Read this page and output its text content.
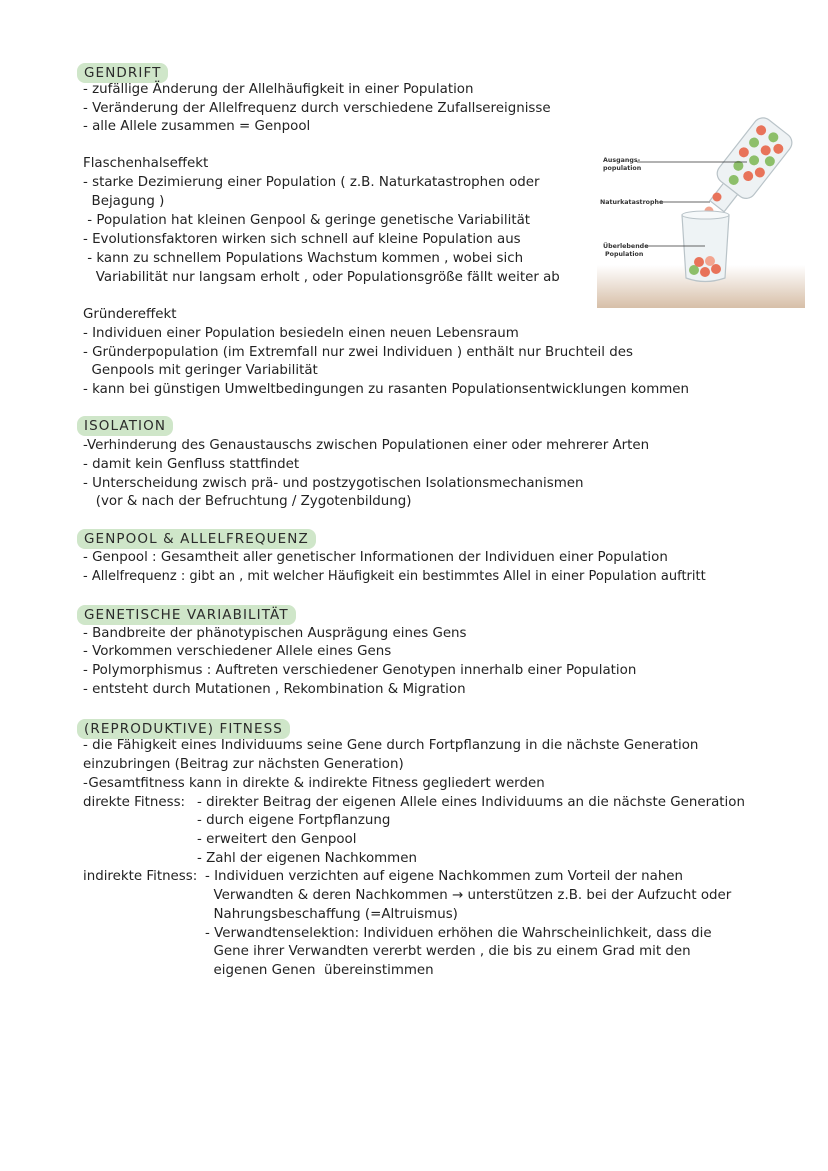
GENDRIFT
- zufällige Änderung der Allelhäufigkeit in einer Population
- Veränderung der Allelfrequenz durch verschiedene Zufallsereignisse
- alle Allele zusammen = Genpool
Flaschenhalseffekt
- starke Dezimierung einer Population ( z.B. Naturkatastrophen oder
Bejagung )
- Population hat kleinen Genpool & geringe genetische Variabilität
- Evolutionsfaktoren wirken sich schnell auf kleine Population aus
- kann zu schnellem Populations Wachstum kommen , wobei sich
Variabilität nur langsam erholt , oder Populationsgröße fällt weiter ab
Ausgangs-
population
Naturkatastrophe
Überlebende
Population
Gründereffekt
- Individuen einer Population besiedeln einen neuen Lebensraum
- Gründerpopulation (im Extremfall nur zwei Individuen ) enthält nur Bruchteil des
Genpools mit geringer Variabilität
- kann bei günstigen Umweltbedingungen zu rasanten Populationsentwicklungen kommen
ISOLATION
-Verhinderung des Genaustauschs zwischen Populationen einer oder mehrerer Arten
- damit kein Genfluss stattfindet
- Unterscheidung zwisch prä- und postzygotischen Isolationsmechanismen
(vor & nach der Befruchtung / Zygotenbildung)
GENPOOL & ALLELFREQUENZ
- Genpool : Gesamtheit aller genetischer Informationen der Individuen einer Population
- Allelfrequenz : gibt an , mit welcher Häufigkeit ein bestimmtes Allel in einer Population auftritt
GENETISCHE VARIABILITÄT
- Bandbreite der phänotypischen Ausprägung eines Gens
- Vorkommen verschiedener Allele eines Gens
- Polymorphismus : Auftreten verschiedener Genotypen innerhalb einer Population
- entsteht durch Mutationen , Rekombination & Migration
(REPRODUKTIVE) FITNESS
- die Fähigkeit eines Individuums seine Gene durch Fortpflanzung in die nächste Generation
einzubringen (Beitrag zur nächsten Generation)
-Gesamtfitness kann in direkte & indirekte Fitness gegliedert werden
direkte Fitness: - direkter Beitrag der eigenen Allele eines Individuums an die nächste Generation
- durch eigene Fortpflanzung
- erweitert den Genpool
- Zahl der eigenen Nachkommen
indirekte Fitness: - Individuen verzichten auf eigene Nachkommen zum Vorteil der nahen
Verwandten & deren Nachkommen → unterstützen z.B. bei der Aufzucht oder
Nahrungsbeschaffung (=Altruismus)
- Verwandtenselektion: Individuen erhöhen die Wahrscheinlichkeit, dass die
Gene ihrer Verwandten vererbt werden , die bis zu einem Grad mit den
eigenen Genen  übereinstimmen
